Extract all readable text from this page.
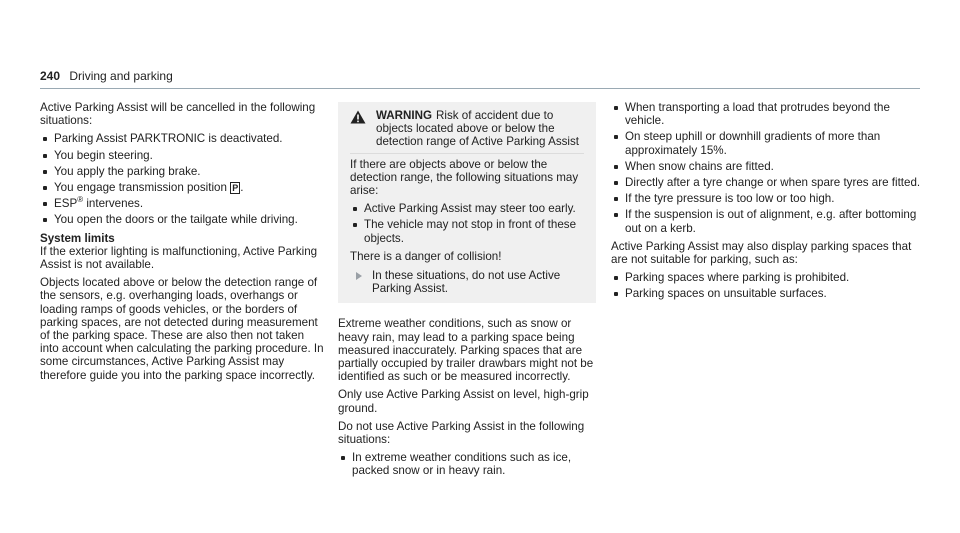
240 Driving and parking

Active Parking Assist will be cancelled in the following situations:

Parking Assist PARKTRONIC is deactivated.
You begin steering.
You apply the parking brake.
You engage transmission position P .
ESP® intervenes.
You open the doors or the tailgate while driving.
System limits

If the exterior lighting is malfunctioning, Active Parking Assist is not available.

Objects located above or below the detection range of the sensors, e.g. overhanging loads, overhangs or loading ramps of goods vehicles, or the borders of parking spaces, are not detected during measurement of the parking space. These are also then not taken into account when calculating the parking procedure. In some circumstances, Active Parking Assist may therefore guide you into the parking space incorrectly.

WARNING Risk of accident due to objects located above or below the detection range of Active Parking Assist

If there are objects above or below the detection range, the following situations may arise:

Active Parking Assist may steer too early.
The vehicle may not stop in front of these objects.

There is a danger of collision!

In these situations, do not use Active Parking Assist.

Extreme weather conditions, such as snow or heavy rain, may lead to a parking space being measured inaccurately. Parking spaces that are partially occupied by trailer drawbars might not be identified as such or be measured incorrectly.

Only use Active Parking Assist on level, high-grip ground.

Do not use Active Parking Assist in the following situations:

In extreme weather conditions such as ice, packed snow or in heavy rain.
When transporting a load that protrudes beyond the vehicle.
On steep uphill or downhill gradients of more than approximately 15%.
When snow chains are fitted.
Directly after a tyre change or when spare tyres are fitted.
If the tyre pressure is too low or too high.
If the suspension is out of alignment, e.g. after bottoming out on a kerb.

Active Parking Assist may also display parking spaces that are not suitable for parking, such as:

Parking spaces where parking is prohibited.
Parking spaces on unsuitable surfaces.
